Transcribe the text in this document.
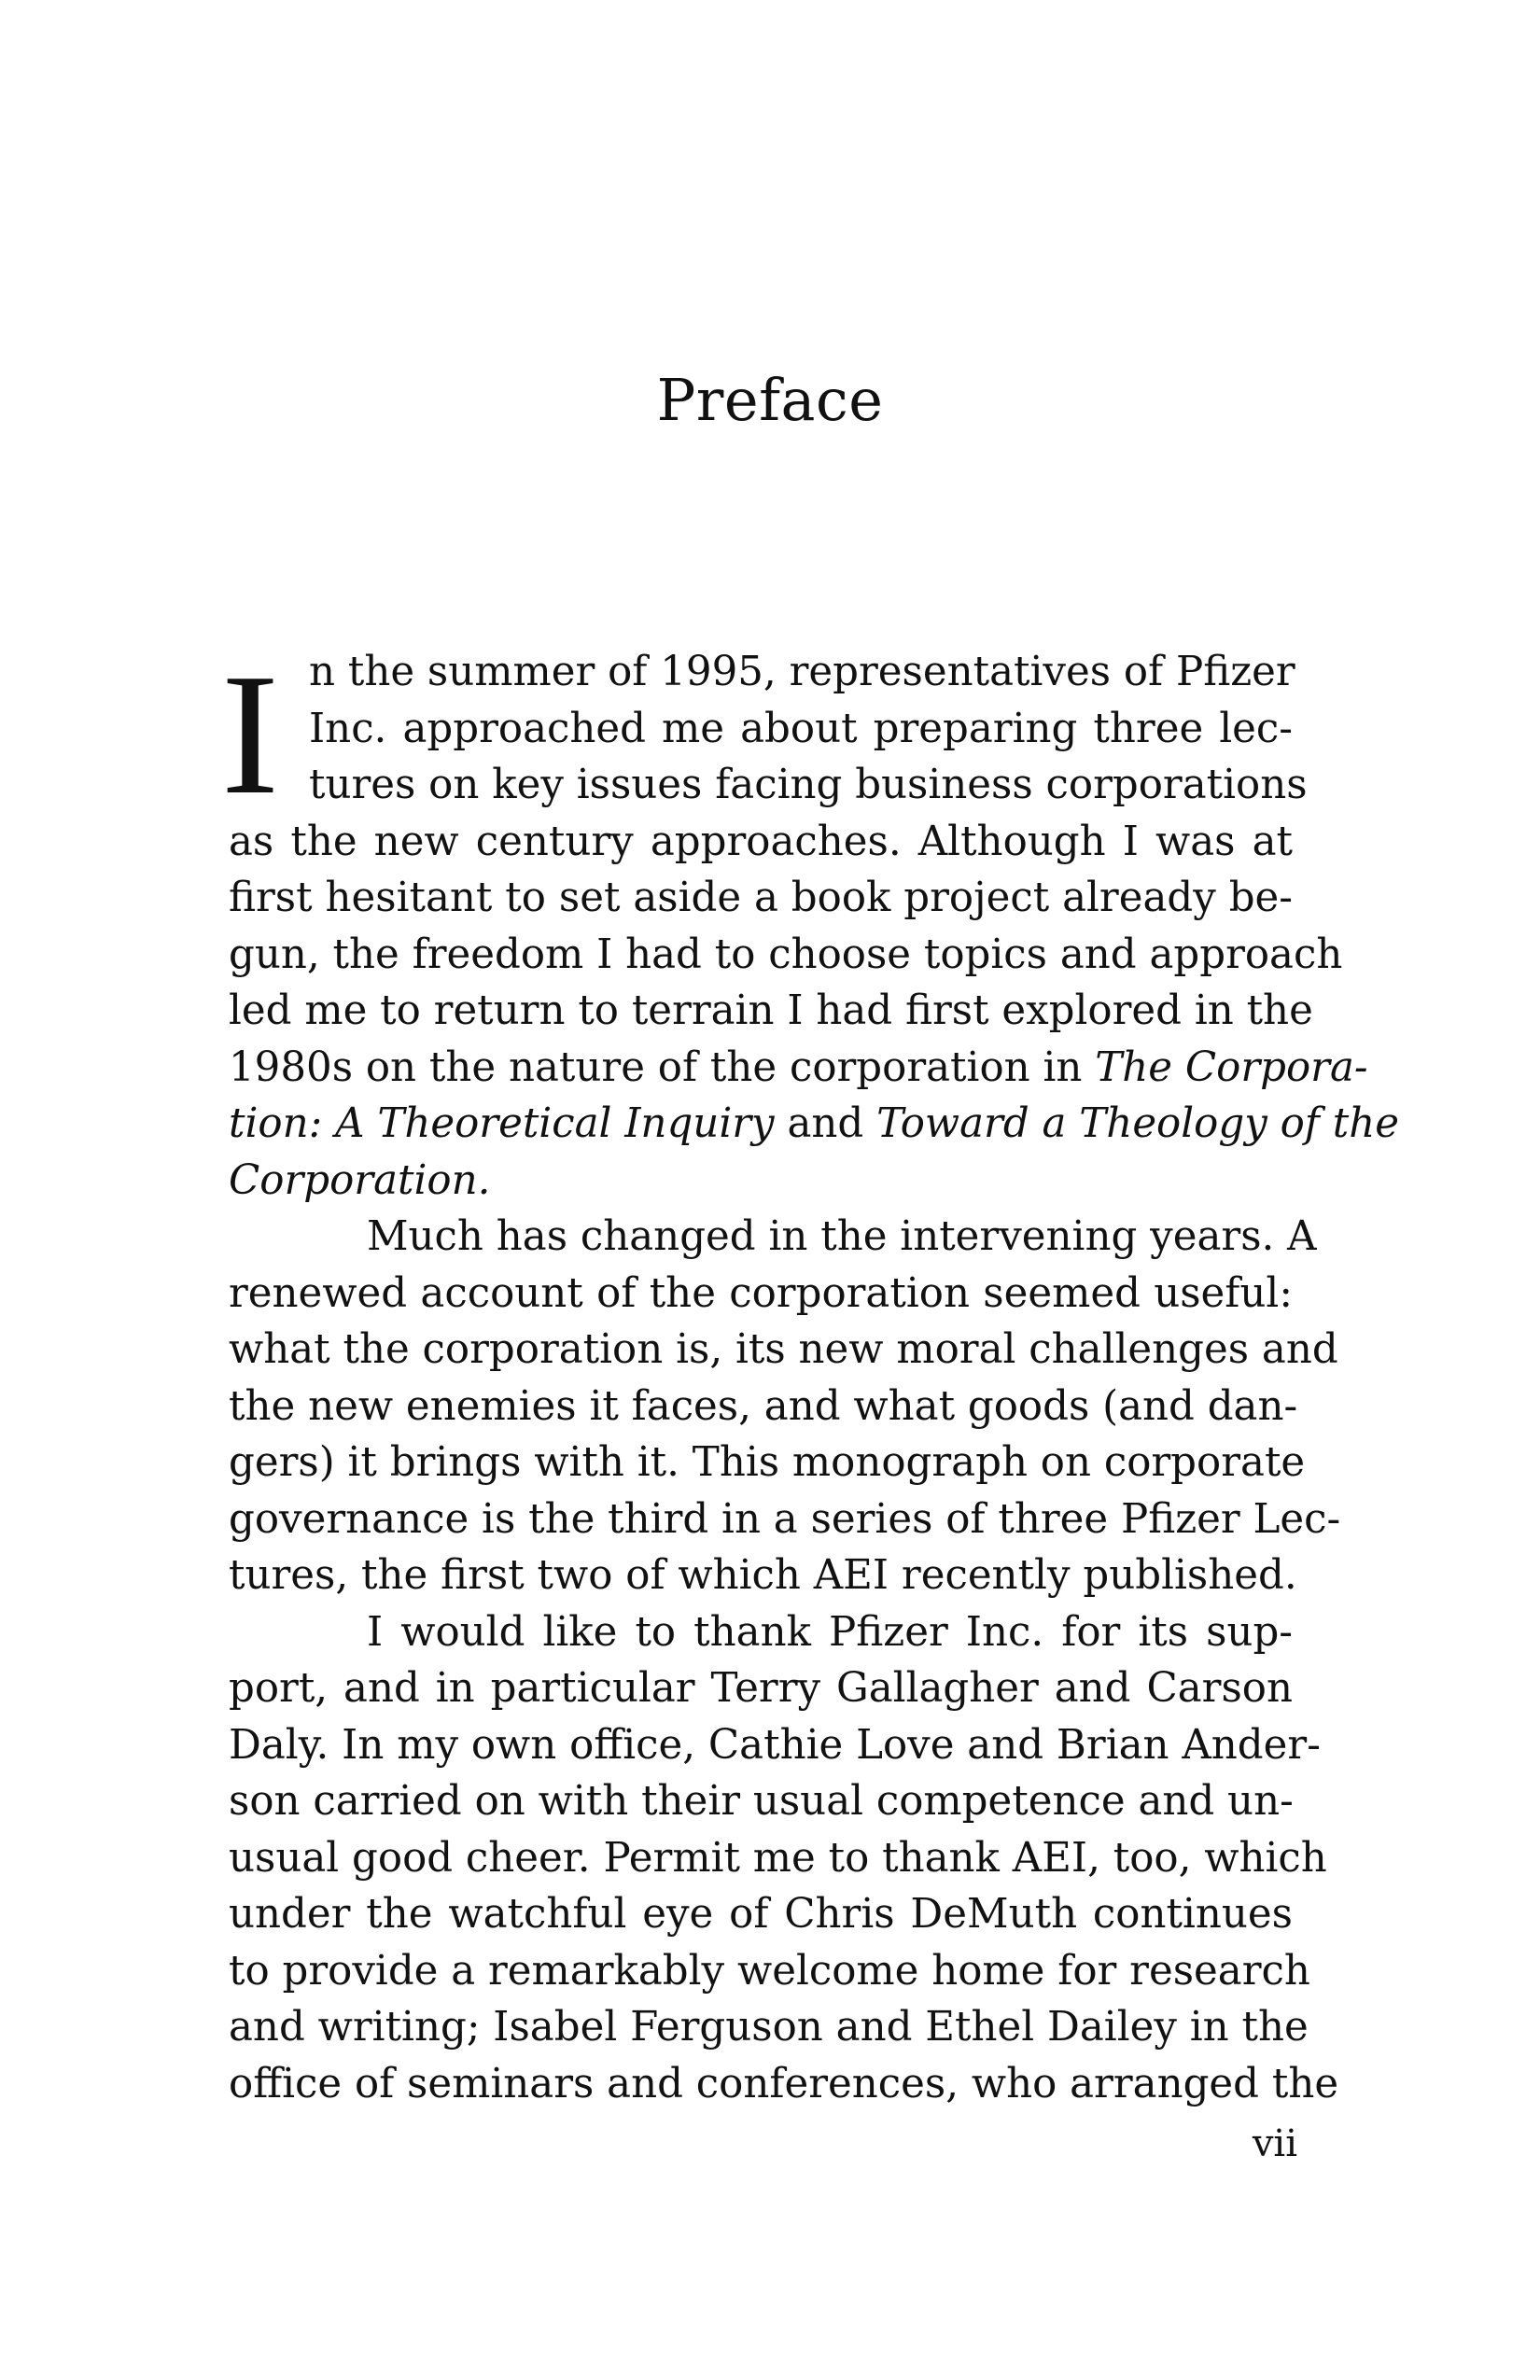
Preface
I n the summer of 1995, representatives of Pfizer
Inc. approached me about preparing three lec-
tures on key issues facing business corporations
as the new century approaches. Although I was at
first hesitant to set aside a book project already be-
gun, the freedom I had to choose topics and approach
led me to return to terrain I had first explored in the
1980s on the nature of the corporation in The Corpora-
tion: A Theoretical Inquiry and Toward a Theology of the
Corporation.
Much has changed in the intervening years. A
renewed account of the corporation seemed useful:
what the corporation is, its new moral challenges and
the new enemies it faces, and what goods (and dan-
gers) it brings with it. This monograph on corporate
governance is the third in a series of three Pfizer Lec-
tures, the first two of which AEI recently published.
I would like to thank Pfizer Inc. for its sup-
port, and in particular Terry Gallagher and Carson
Daly. In my own office, Cathie Love and Brian Ander-
son carried on with their usual competence and un-
usual good cheer. Permit me to thank AEI, too, which
under the watchful eye of Chris DeMuth continues
to provide a remarkably welcome home for research
and writing; Isabel Ferguson and Ethel Dailey in the
office of seminars and conferences, who arranged the
vii
